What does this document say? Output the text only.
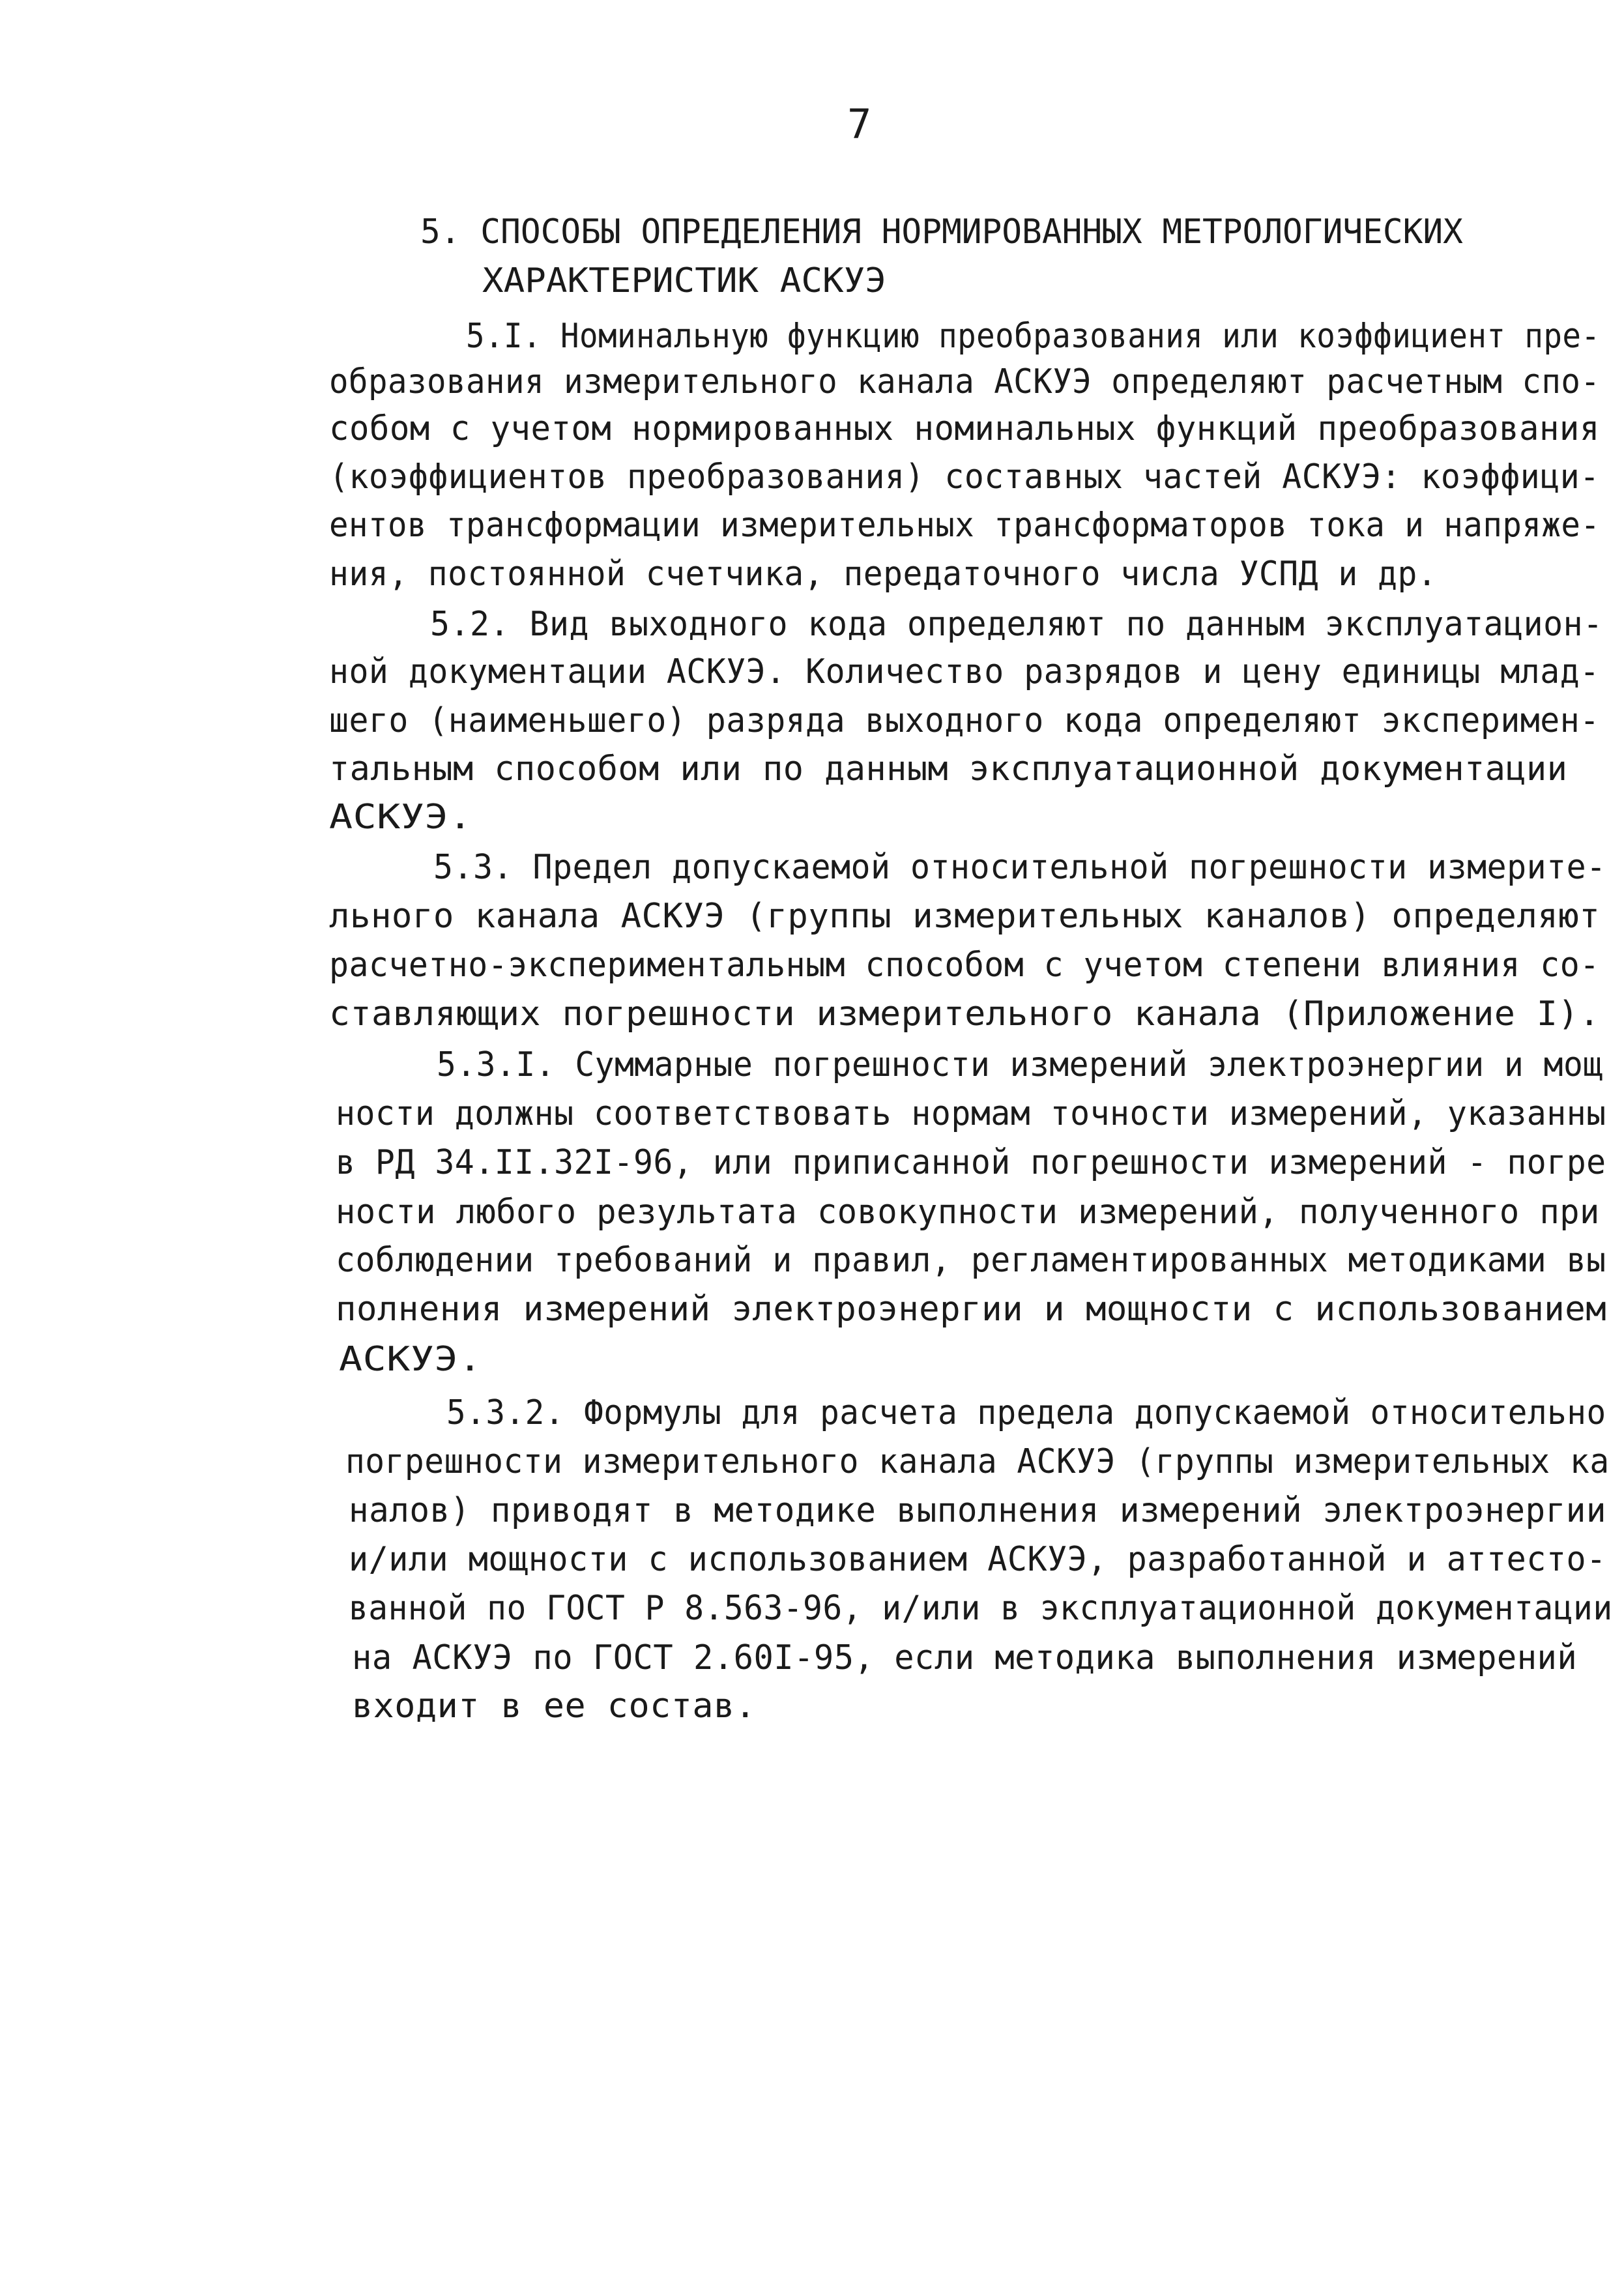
7
5. СПОСОБЫ ОПРЕДЕЛЕНИЯ НОРМИРОВАННЫХ МЕТРОЛОГИЧЕСКИХ
ХАРАКТЕРИСТИК АСКУЭ
5.I. Номинальную функцию преобразования или коэффициент пре-
образования измерительного канала АСКУЭ определяют расчетным спо-
собом с учетом нормированных номинальных функций преобразования
(коэффициентов преобразования) составных частей АСКУЭ: коэффици-
ентов трансформации измерительных трансформаторов тока и напряже-
ния, постоянной счетчика, передаточного числа УСПД и др.
5.2. Вид выходного кода определяют по данным эксплуатацион-
ной документации АСКУЭ. Количество разрядов и цену единицы млад-
шего (наименьшего) разряда выходного кода определяют эксперимен-
тальным способом или по данным эксплуатационной документации
АСКУЭ.
5.3. Предел допускаемой относительной погрешности измерите-
льного канала АСКУЭ (группы измерительных каналов) определяют
расчетно-экспериментальным способом с учетом степени влияния со-
ставляющих погрешности измерительного канала (Приложение I).
5.3.I. Суммарные погрешности измерений электроэнергии и мощ
ности должны соответствовать нормам точности измерений, указанны
в РД 34.II.32I-96, или приписанной погрешности измерений - погре
ности любого результата совокупности измерений, полученного при
соблюдении требований и правил, регламентированных методиками вы
полнения измерений электроэнергии и мощности с использованием
АСКУЭ.
5.3.2. Формулы для расчета предела допускаемой относительно
погрешности измерительного канала АСКУЭ (группы измерительных ка
налов) приводят в методике выполнения измерений электроэнергии
и/или мощности с использованием АСКУЭ, разработанной и аттесто-
ванной по ГОСТ Р 8.563-96, и/или в эксплуатационной документации
на АСКУЭ по ГОСТ 2.60I-95, если методика выполнения измерений
входит в ее состав.
